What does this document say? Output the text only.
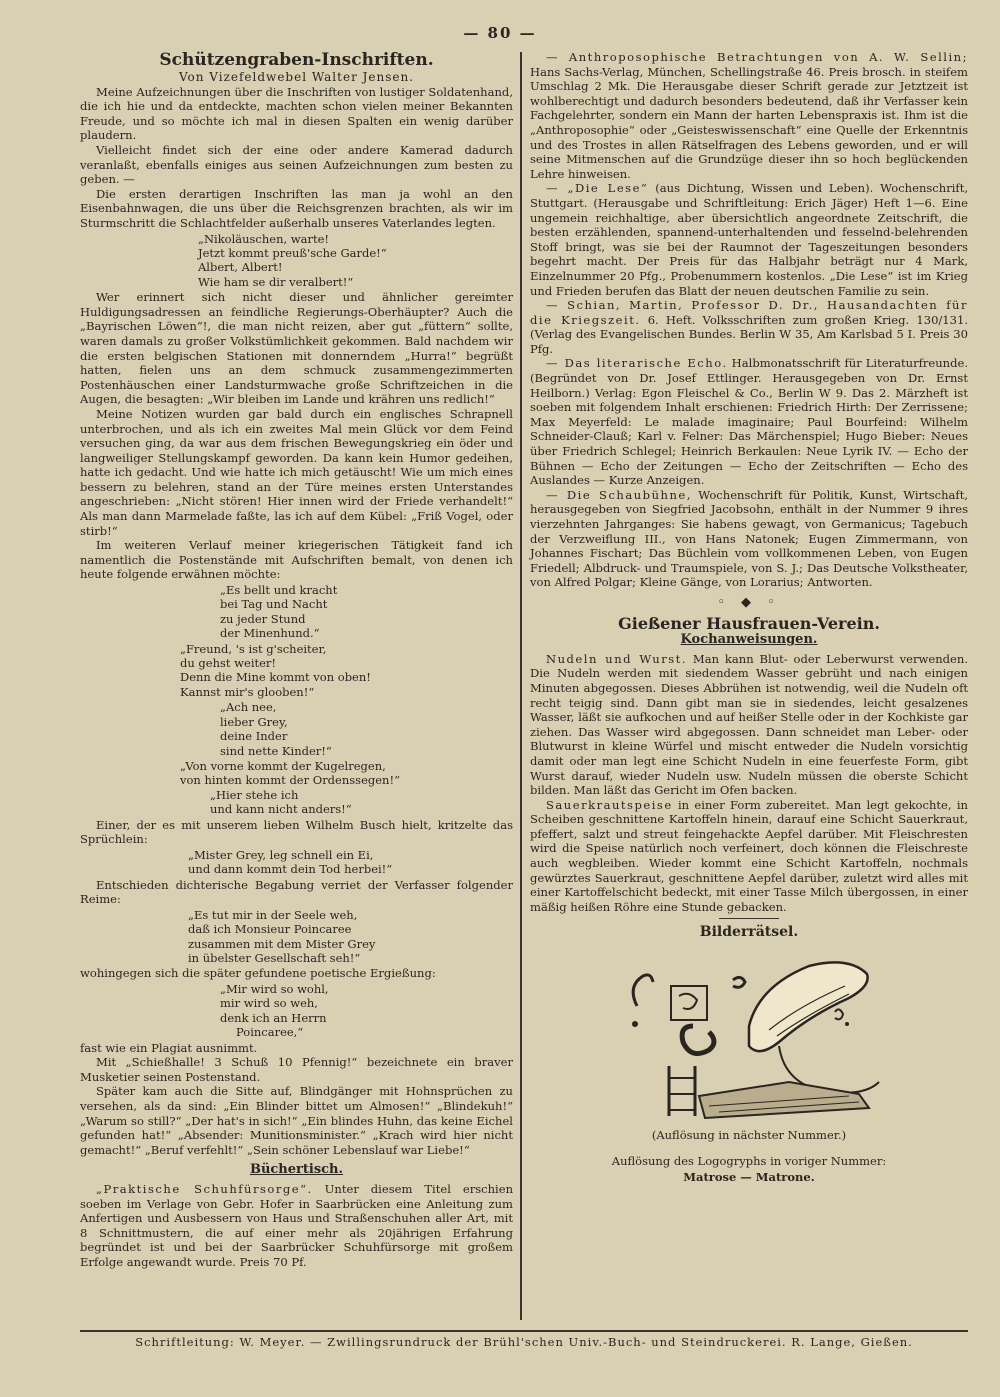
— 80 —

Schützengraben-Inschriften.

Von Vizefeldwebel Walter Jensen.

Meine Aufzeichnungen über die Inschriften von lustiger Soldatenhand, die ich hie und da entdeckte, machten schon vielen meiner Bekannten Freude, und so möchte ich mal in diesen Spalten ein wenig darüber plaudern.

Vielleicht findet sich der eine oder andere Kamerad dadurch veranlaßt, ebenfalls einiges aus seinen Aufzeichnungen zum besten zu geben. —

Die ersten derartigen Inschriften las man ja wohl an den Eisenbahnwagen, die uns über die Reichsgrenzen brachten, als wir im Sturmschritt die Schlachtfelder außerhalb unseres Vaterlandes legten.

„Nikoläuschen, warte!
Jetzt kommt preuß'sche Garde!“
Albert, Albert!
Wie ham se dir veralbert!“

Wer erinnert sich nicht dieser und ähnlicher gereimter Huldigungsadressen an feindliche Regierungs-Oberhäupter? Auch die „Bayrischen Löwen“!, die man nicht reizen, aber gut „füttern“ sollte, waren damals zu großer Volkstümlichkeit gekommen. Bald nachdem wir die ersten belgischen Stationen mit donnerndem „Hurra!“ begrüßt hatten, fielen uns an dem schmuck zusammengezimmerten Postenhäuschen einer Landsturmwache große Schriftzeichen in die Augen, die besagten: „Wir bleiben im Lande und krähren uns redlich!“

Meine Notizen wurden gar bald durch ein englisches Schrapnell unterbrochen, und als ich ein zweites Mal mein Glück vor dem Feind versuchen ging, da war aus dem frischen Bewegungskrieg ein öder und langweiliger Stellungskampf geworden. Da kann kein Humor gedeihen, hatte ich gedacht. Und wie hatte ich mich getäuscht! Wie um mich eines bessern zu belehren, stand an der Türe meines ersten Unterstandes angeschrieben: „Nicht stören! Hier innen wird der Friede verhandelt!“ Als man dann Marmelade faßte, las ich auf dem Kübel: „Friß Vogel, oder stirb!“

Im weiteren Verlauf meiner kriegerischen Tätigkeit fand ich namentlich die Postenstände mit Aufschriften bemalt, von denen ich heute folgende erwähnen möchte:

„Es bellt und kracht
bei Tag und Nacht
zu jeder Stund
der Minenhund.“
„Freund, 's ist g'scheiter,
du gehst weiter!
Denn die Mine kommt von oben!
Kannst mir's glooben!“
„Ach nee,
lieber Grey,
deine Inder
sind nette Kinder!“
„Von vorne kommt der Kugelregen,
von hinten kommt der Ordenssegen!“
„Hier stehe ich
und kann nicht anders!“

Einer, der es mit unserem lieben Wilhelm Busch hielt, kritzelte das Sprüchlein:

„Mister Grey, leg schnell ein Ei,
und dann kommt dein Tod herbei!“

Entschieden dichterische Begabung verriet der Verfasser folgender Reime:

„Es tut mir in der Seele weh,
daß ich Monsieur Poincaree
zusammen mit dem Mister Grey
in übelster Gesellschaft seh!“

wohingegen sich die später gefundene poetische Ergießung:

„Mir wird so wohl,
mir wird so weh,
denk ich an Herrn
Poincaree,“

fast wie ein Plagiat ausnimmt.

Mit „Schießhalle! 3 Schuß 10 Pfennig!“ bezeichnete ein braver Musketier seinen Postenstand.

Später kam auch die Sitte auf, Blindgänger mit Hohnsprüchen zu versehen, als da sind: „Ein Blinder bittet um Almosen!“ „Blindekuh!“ „Warum so still?“ „Der hat's in sich!“ „Ein blindes Huhn, das keine Eichel gefunden hat!“ „Absender: Munitionsminister.“ „Krach wird hier nicht gemacht!“ „Beruf verfehlt!“ „Sein schöner Lebenslauf war Liebe!“

Büchertisch.

„Praktische Schuhfürsorge“. Unter diesem Titel erschien soeben im Verlage von Gebr. Hofer in Saarbrücken eine Anleitung zum Anfertigen und Ausbessern von Haus und Straßenschuhen aller Art, mit 8 Schnittmustern, die auf einer mehr als 20jährigen Erfahrung begründet ist und bei der Saarbrücker Schuhfürsorge mit großem Erfolge angewandt wurde. Preis 70 Pf.

— Anthroposophische Betrachtungen von A. W. Sellin; Hans Sachs-Verlag, München, Schellingstraße 46. Preis brosch. in steifem Umschlag 2 Mk. Die Herausgabe dieser Schrift gerade zur Jetztzeit ist wohlberechtigt und dadurch besonders bedeutend, daß ihr Verfasser kein Fachgelehrter, sondern ein Mann der harten Lebenspraxis ist. Ihm ist die „Anthroposophie“ oder „Geisteswissenschaft“ eine Quelle der Erkenntnis und des Trostes in allen Rätselfragen des Lebens geworden, und er will seine Mitmenschen auf die Grundzüge dieser ihn so hoch beglückenden Lehre hinweisen.

— „Die Lese“ (aus Dichtung, Wissen und Leben). Wochenschrift, Stuttgart. (Herausgabe und Schriftleitung: Erich Jäger) Heft 1—6. Eine ungemein reichhaltige, aber übersichtlich angeordnete Zeitschrift, die besten erzählenden, spannend-unterhaltenden und fesselnd-belehrenden Stoff bringt, was sie bei der Raumnot der Tageszeitungen besonders begehrt macht. Der Preis für das Halbjahr beträgt nur 4 Mark, Einzelnummer 20 Pfg., Probenummern kostenlos. „Die Lese“ ist im Krieg und Frieden berufen das Blatt der neuen deutschen Familie zu sein.

— Schian, Martin, Professor D. Dr., Hausandachten für die Kriegszeit. 6. Heft. Volksschriften zum großen Krieg. 130/131. (Verlag des Evangelischen Bundes. Berlin W 35, Am Karlsbad 5 I. Preis 30 Pfg.

— Das literarische Echo. Halbmonatsschrift für Literaturfreunde. (Begründet von Dr. Josef Ettlinger. Herausgegeben von Dr. Ernst Heilborn.) Verlag: Egon Fleischel & Co., Berlin W 9. Das 2. Märzheft ist soeben mit folgendem Inhalt erschienen: Friedrich Hirth: Der Zerrissene; Max Meyerfeld: Le malade imaginaire; Paul Bourfeind: Wilhelm Schneider-Clauß; Karl v. Felner: Das Märchenspiel; Hugo Bieber: Neues über Friedrich Schlegel; Heinrich Berkaulen: Neue Lyrik IV. — Echo der Bühnen — Echo der Zeitungen — Echo der Zeitschriften — Echo des Auslandes — Kurze Anzeigen.

— Die Schaubühne, Wochenschrift für Politik, Kunst, Wirtschaft, herausgegeben von Siegfried Jacobsohn, enthält in der Nummer 9 ihres vierzehnten Jahrganges: Sie habens gewagt, von Germanicus; Tagebuch der Verzweiflung III., von Hans Natonek; Eugen Zimmermann, von Johannes Fischart; Das Büchlein vom vollkommenen Leben, von Eugen Friedell; Albdruck- und Traumspiele, von S. J.; Das Deutsche Volkstheater, von Alfred Polgar; Kleine Gänge, von Lorarius; Antworten.

◦ ◆ ◦
Gießener Hausfrauen-Verein.
Kochanweisungen.

Nudeln und Wurst. Man kann Blut- oder Leberwurst verwenden. Die Nudeln werden mit siedendem Wasser gebrüht und nach einigen Minuten abgegossen. Dieses Abbrühen ist notwendig, weil die Nudeln oft recht teigig sind. Dann gibt man sie in siedendes, leicht gesalzenes Wasser, läßt sie aufkochen und auf heißer Stelle oder in der Kochkiste gar ziehen. Das Wasser wird abgegossen. Dann schneidet man Leber- oder Blutwurst in kleine Würfel und mischt entweder die Nudeln vorsichtig damit oder man legt eine Schicht Nudeln in eine feuerfeste Form, gibt Wurst darauf, wieder Nudeln usw. Nudeln müssen die oberste Schicht bilden. Man läßt das Gericht im Ofen backen.

Sauerkrautspeise in einer Form zubereitet. Man legt gekochte, in Scheiben geschnittene Kartoffeln hinein, darauf eine Schicht Sauerkraut, pfeffert, salzt und streut feingehackte Aepfel darüber. Mit Fleischresten wird die Speise natürlich noch verfeinert, doch können die Fleischreste auch wegbleiben. Wieder kommt eine Schicht Kartoffeln, nochmals gewürztes Sauerkraut, geschnittene Aepfel darüber, zuletzt wird alles mit einer Kartoffelschicht bedeckt, mit einer Tasse Milch übergossen, in einer mäßig heißen Röhre eine Stunde gebacken.

Bilderrätsel.
(Auflösung in nächster Nummer.)
Auflösung des Logogryphs in voriger Nummer:
Matrose — Matrone.
Schriftleitung: W. Meyer. — Zwillingsrundruck der Brühl'schen Univ.-Buch- und Steindruckerei. R. Lange, Gießen.
